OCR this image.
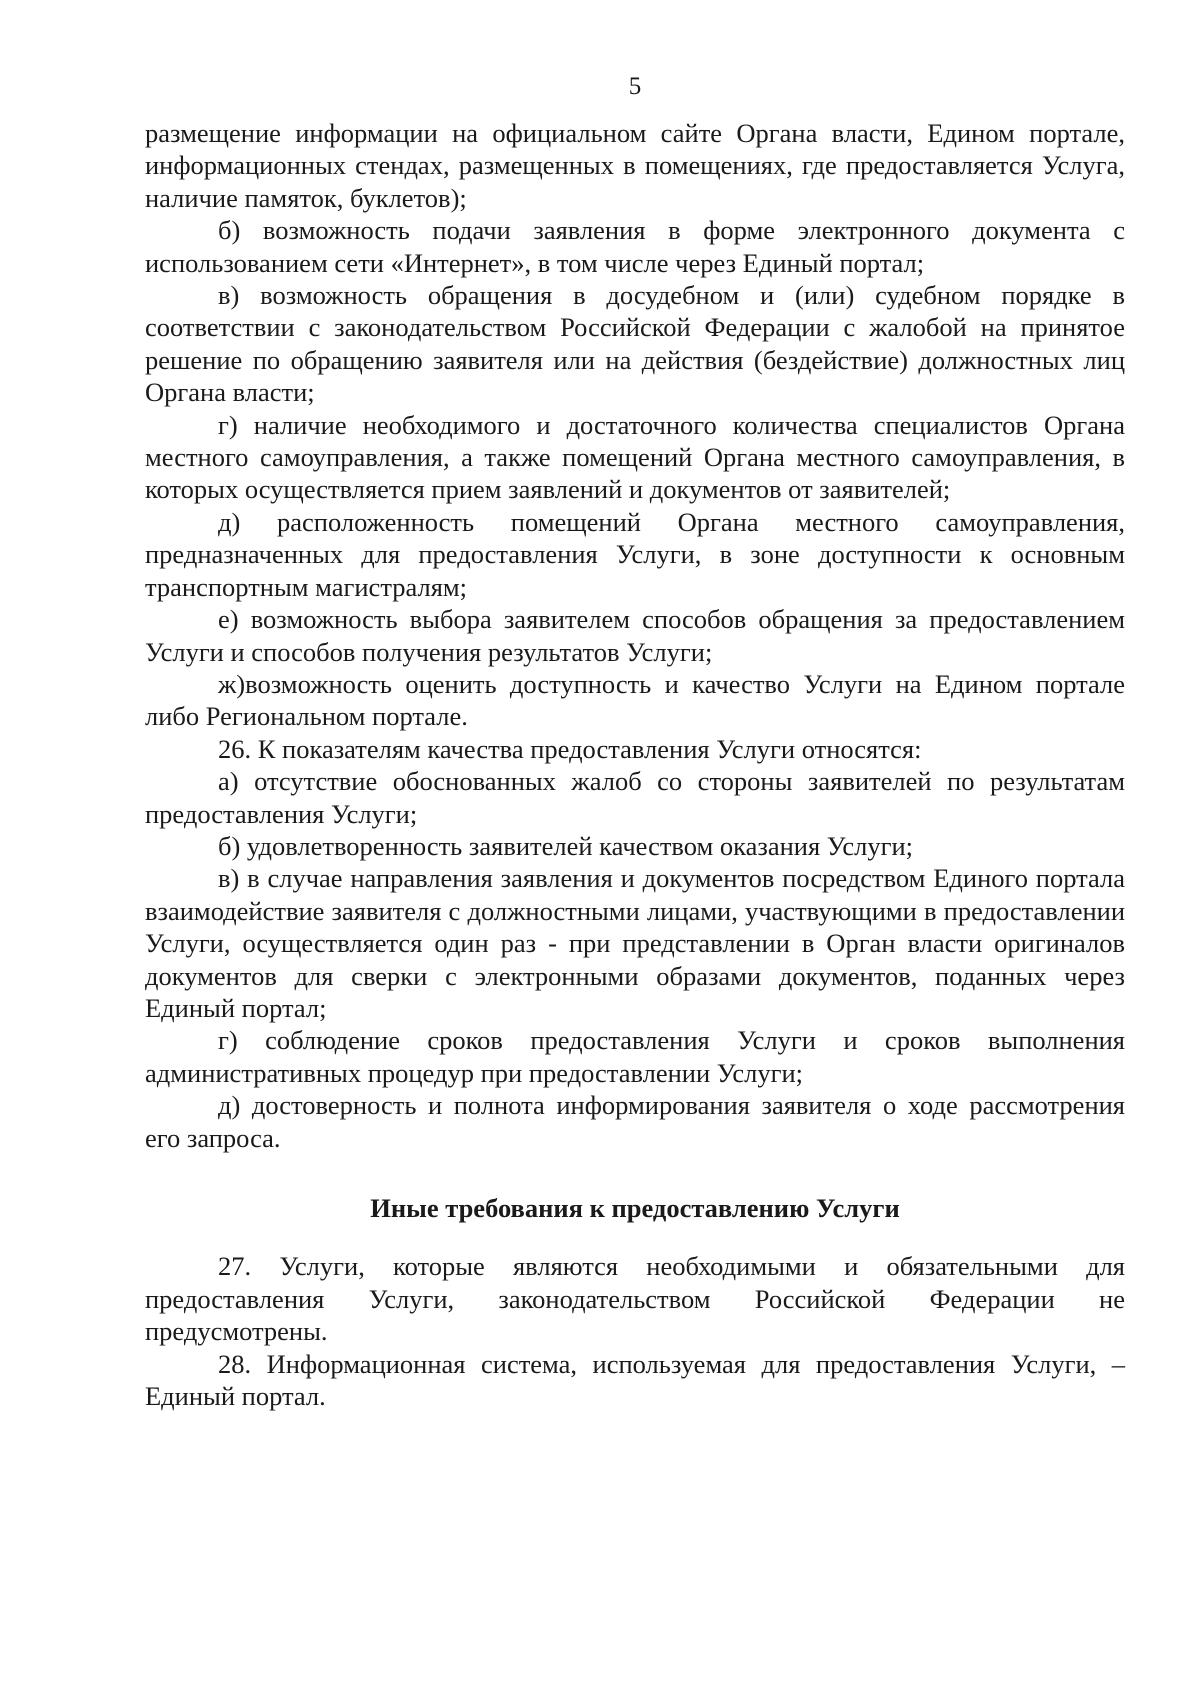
5

размещение информации на официальном сайте Органа власти, Едином портале, информационных стендах, размещенных в помещениях, где предоставляется Услуга, наличие памяток, буклетов);

б) возможность подачи заявления в форме электронного документа с использованием сети «Интернет», в том числе через Единый портал;

в) возможность обращения в досудебном и (или) судебном порядке в соответствии с законодательством Российской Федерации с жалобой на принятое решение по обращению заявителя или на действия (бездействие) должностных лиц Органа власти;

г) наличие необходимого и достаточного количества специалистов Органа местного самоуправления, а также помещений Органа местного самоуправления, в которых осуществляется прием заявлений и документов от заявителей;

д) расположенность помещений Органа местного самоуправления, предназначенных для предоставления Услуги, в зоне доступности к основным транспортным магистралям;

е) возможность выбора заявителем способов обращения за предоставлением Услуги и способов получения результатов Услуги;

ж)возможность оценить доступность и качество Услуги на Едином портале либо Региональном портале.

26. К показателям качества предоставления Услуги относятся:

а) отсутствие обоснованных жалоб со стороны заявителей по результатам предоставления Услуги;

б) удовлетворенность заявителей качеством оказания Услуги;

в) в случае направления заявления и документов посредством Единого портала взаимодействие заявителя с должностными лицами, участвующими в предоставлении Услуги, осуществляется один раз - при представлении в Орган власти оригиналов документов для сверки с электронными образами документов, поданных через Единый портал;

г) соблюдение сроков предоставления Услуги и сроков выполнения административных процедур при предоставлении Услуги;

д) достоверность и полнота информирования заявителя о ходе рассмотрения его запроса.

Иные требования к предоставлению Услуги

27. Услуги, которые являются необходимыми и обязательными для предоставления Услуги, законодательством Российской Федерации не предусмотрены.

28. Информационная система, используемая для предоставления Услуги, – Единый портал.
